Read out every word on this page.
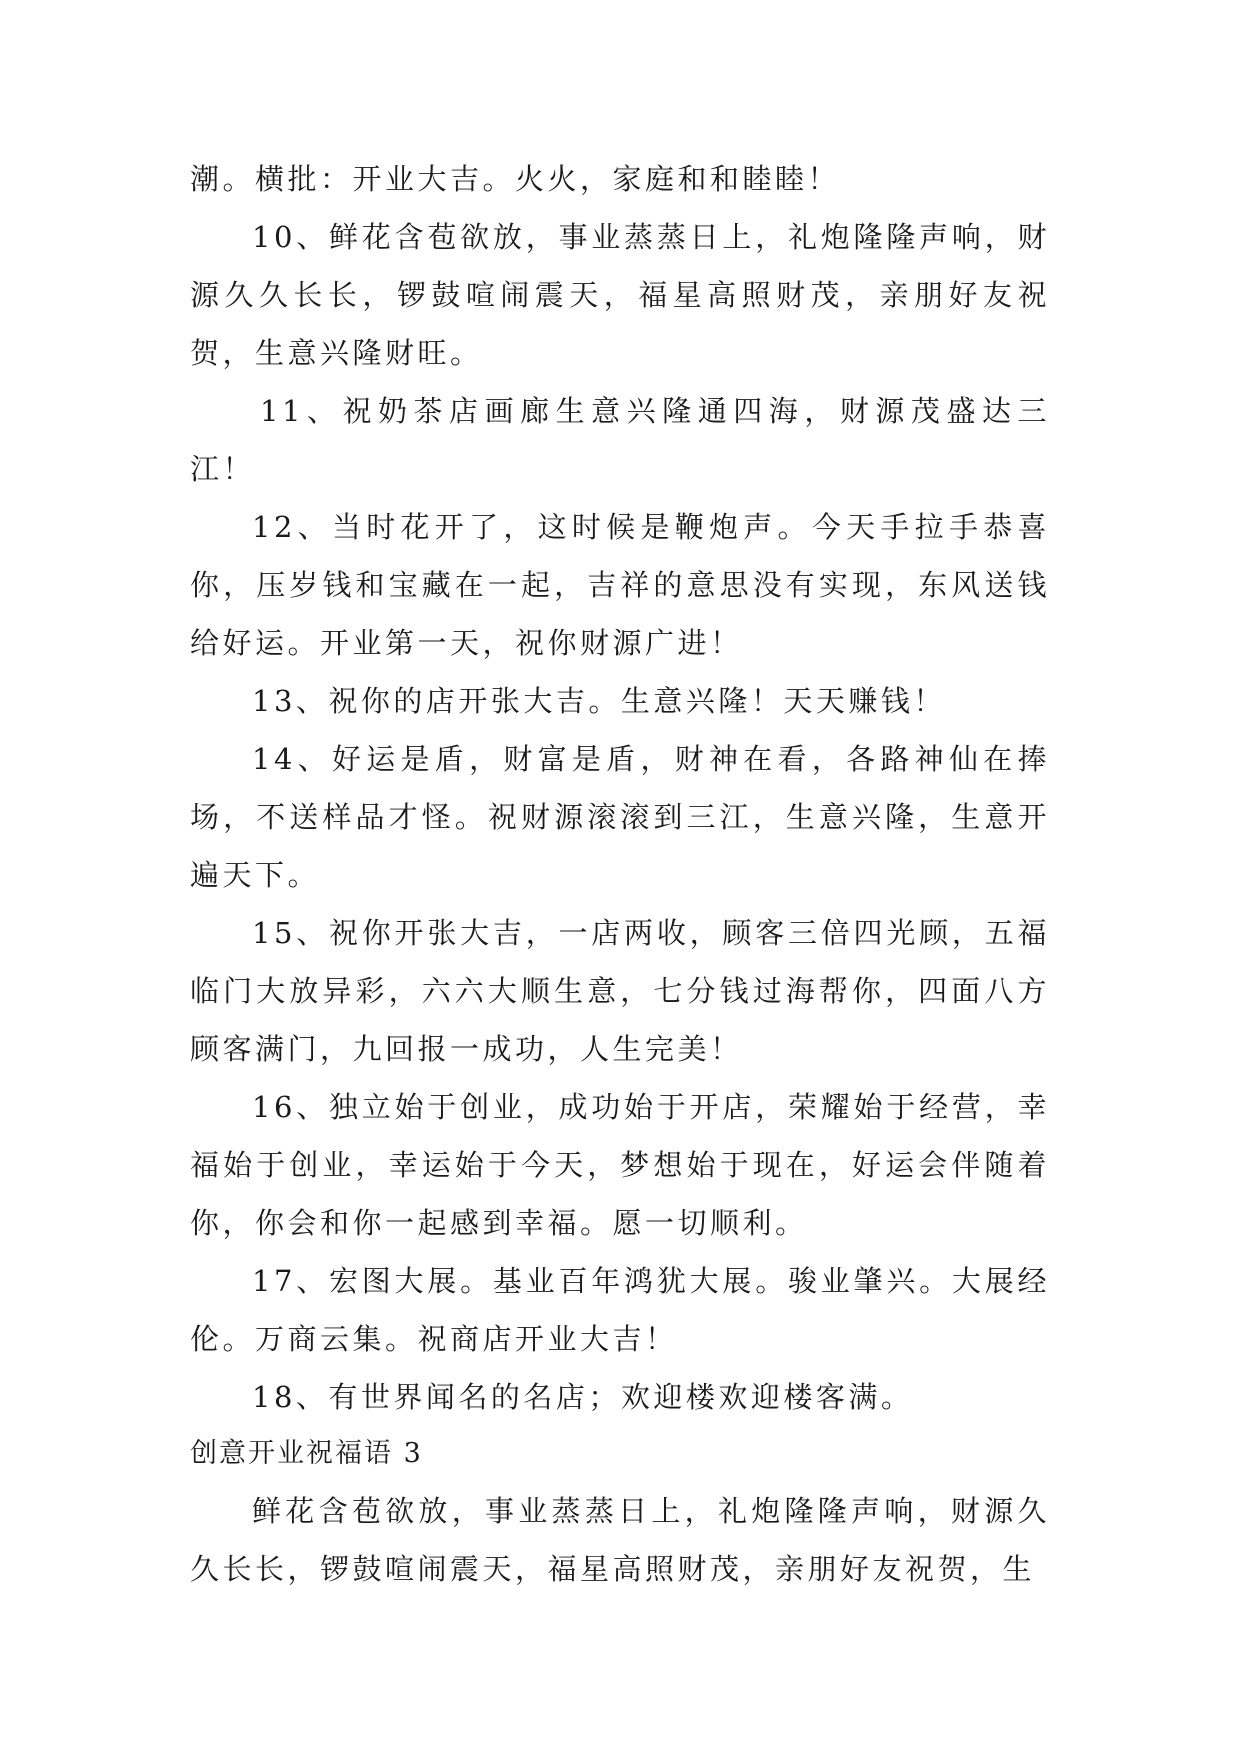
潮。横批：开业大吉。火火，家庭和和睦睦！

10、鲜花含苞欲放，事业蒸蒸日上，礼炮隆隆声响，财源久久长长，锣鼓喧闹震天，福星高照财茂，亲朋好友祝贺，生意兴隆财旺。

11、祝奶茶店画廊生意兴隆通四海，财源茂盛达三江！

12、当时花开了，这时候是鞭炮声。今天手拉手恭喜你，压岁钱和宝藏在一起，吉祥的意思没有实现，东风送钱给好运。开业第一天，祝你财源广进！

13、祝你的店开张大吉。生意兴隆！天天赚钱！

14、好运是盾，财富是盾，财神在看，各路神仙在捧场，不送样品才怪。祝财源滚滚到三江，生意兴隆，生意开遍天下。

15、祝你开张大吉，一店两收，顾客三倍四光顾，五福临门大放异彩，六六大顺生意，七分钱过海帮你，四面八方顾客满门，九回报一成功，人生完美！

16、独立始于创业，成功始于开店，荣耀始于经营，幸福始于创业，幸运始于今天，梦想始于现在，好运会伴随着你，你会和你一起感到幸福。愿一切顺利。

17、宏图大展。基业百年鸿犹大展。骏业肇兴。大展经伦。万商云集。祝商店开业大吉！

18、有世界闻名的名店；欢迎楼欢迎楼客满。

创意开业祝福语 3

鲜花含苞欲放，事业蒸蒸日上，礼炮隆隆声响，财源久久长长，锣鼓喧闹震天，福星高照财茂，亲朋好友祝贺，生
